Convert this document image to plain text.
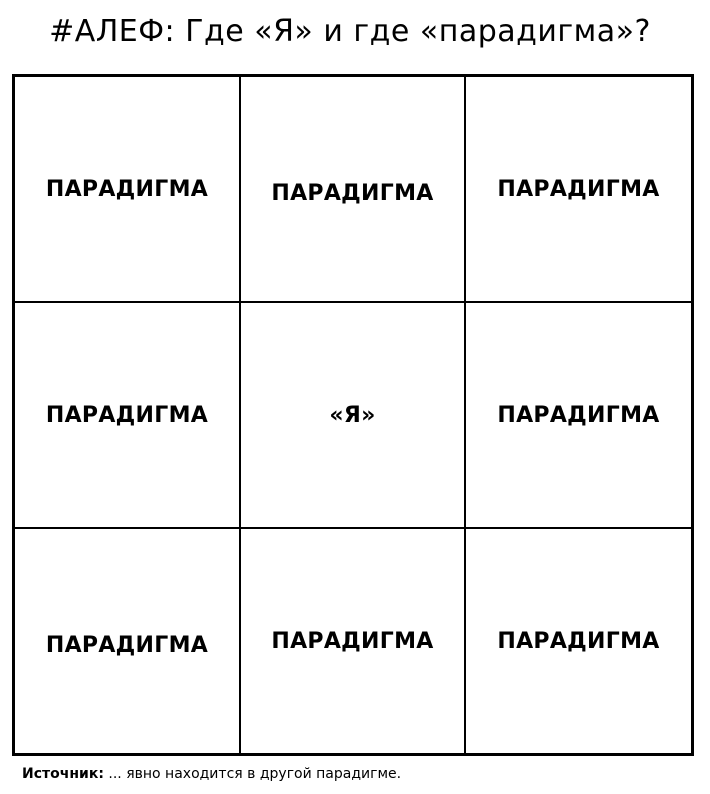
#АЛЕФ: Где «Я» и где «парадигма»?
ПАРАДИГМА	ПАРАДИГМА	ПАРАДИГМА
ПАРАДИГМА	«Я»	ПАРАДИГМА
ПАРАДИГМА	ПАРАДИГМА	ПАРАДИГМА
Источник: ... явно находится в другой парадигме.
